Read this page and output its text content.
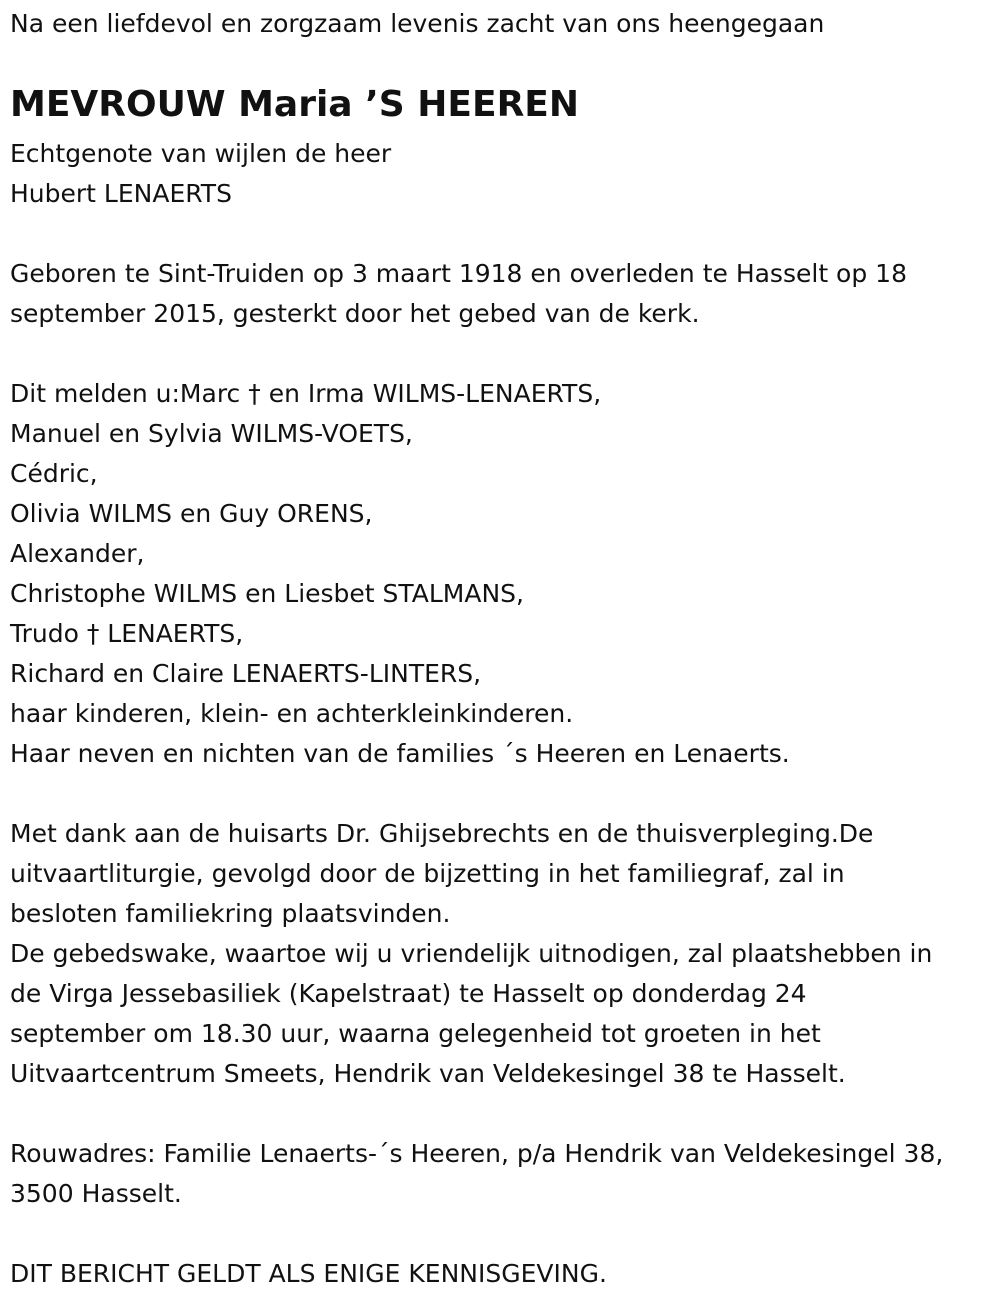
Na een liefdevol en zorgzaam levenis zacht van ons heengegaan
MEVROUW Maria ’S HEEREN
Echtgenote van wijlen de heer
Hubert LENAERTS
Geboren te Sint-Truiden op 3 maart 1918 en overleden te Hasselt op 18
september 2015, gesterkt door het gebed van de kerk.
Dit melden u:Marc † en Irma WILMS-LENAERTS,
Manuel en Sylvia WILMS-VOETS,
Cédric,
Olivia WILMS en Guy ORENS,
Alexander,
Christophe WILMS en Liesbet STALMANS,
Trudo † LENAERTS,
Richard en Claire LENAERTS-LINTERS,
haar kinderen, klein- en achterkleinkinderen.
Haar neven en nichten van de families ´s Heeren en Lenaerts.
Met dank aan de huisarts Dr. Ghijsebrechts en de thuisverpleging.De
uitvaartliturgie, gevolgd door de bijzetting in het familiegraf, zal in
besloten familiekring plaatsvinden.
De gebedswake, waartoe wij u vriendelijk uitnodigen, zal plaatshebben in
de Virga Jessebasiliek (Kapelstraat) te Hasselt op donderdag 24
september om 18.30 uur, waarna gelegenheid tot groeten in het
Uitvaartcentrum Smeets, Hendrik van Veldekesingel 38 te Hasselt.
Rouwadres: Familie Lenaerts-´s Heeren, p/a Hendrik van Veldekesingel 38,
3500 Hasselt.
DIT BERICHT GELDT ALS ENIGE KENNISGEVING.
